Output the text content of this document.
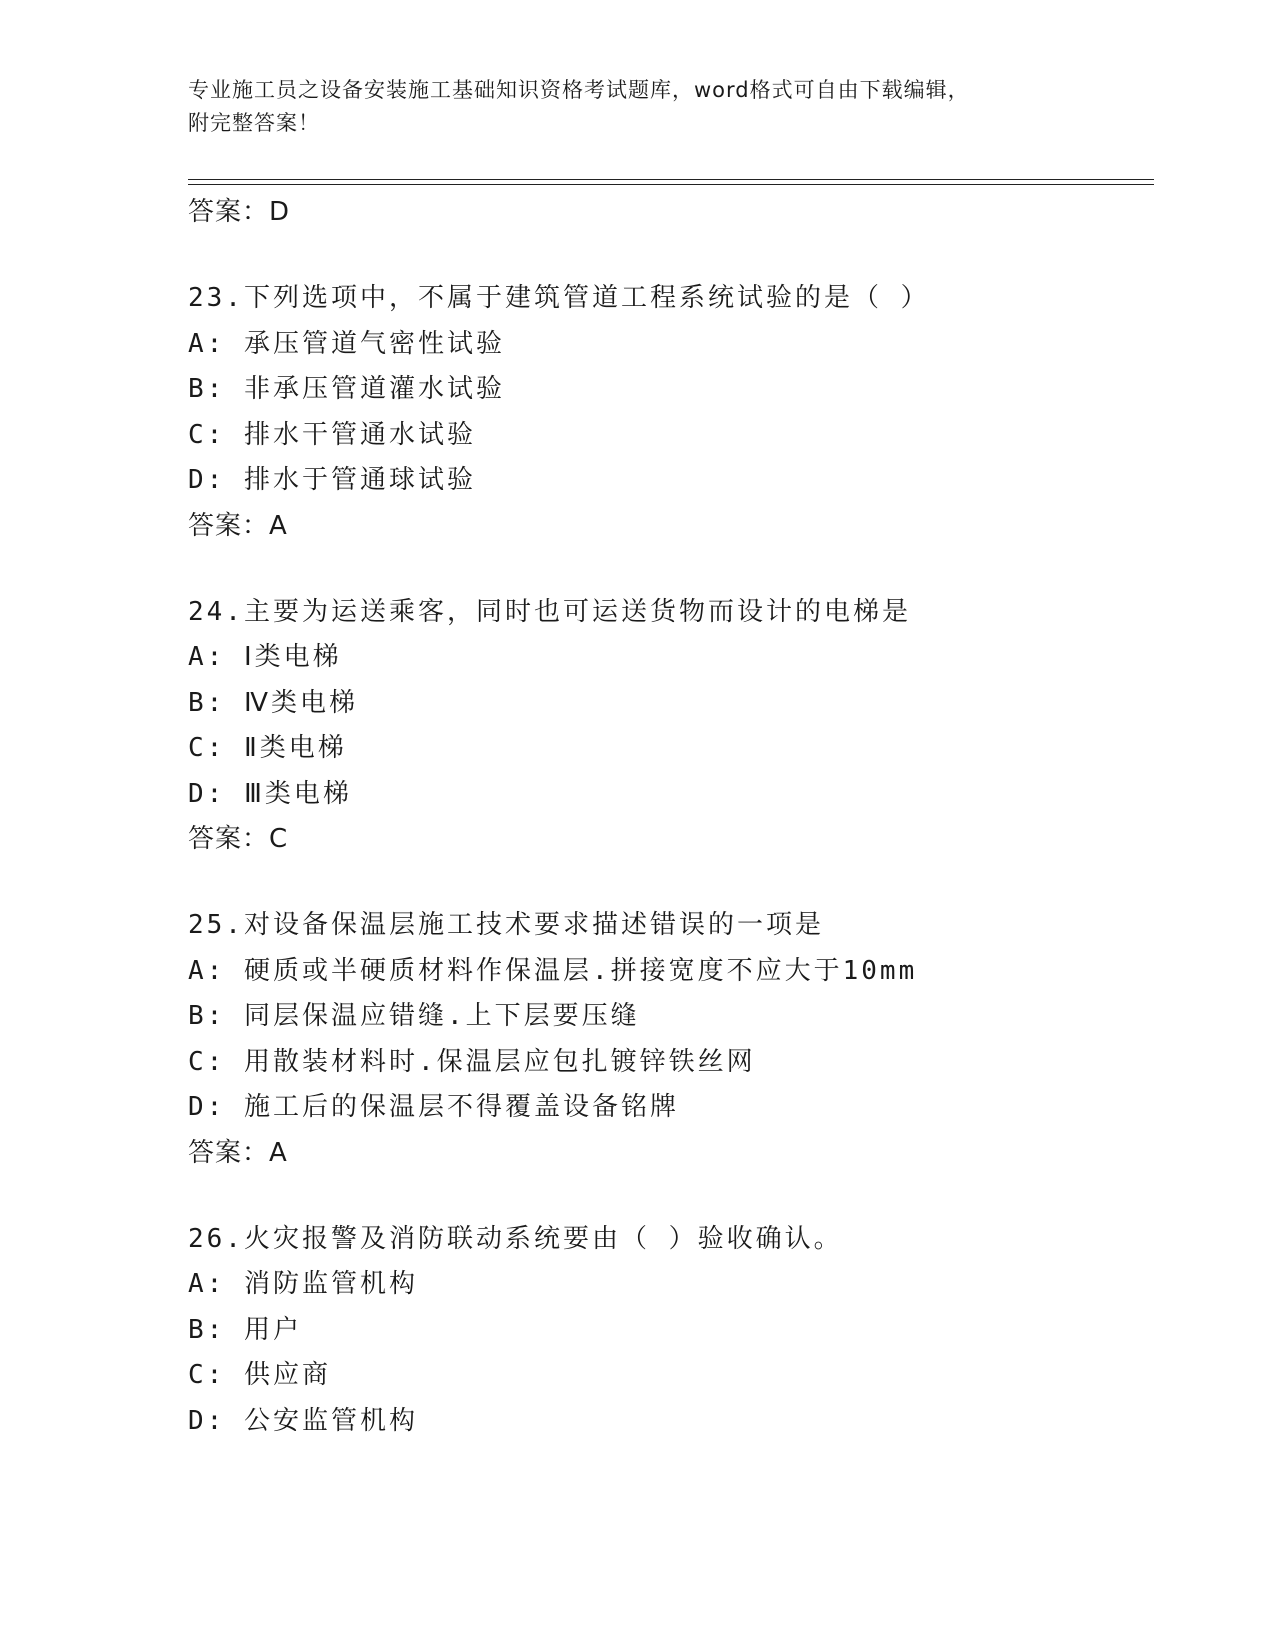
专业施工员之设备安装施工基础知识资格考试题库，word格式可自由下载编辑，
附完整答案！
答案：D
23.下列选项中，不属于建筑管道工程系统试验的是（ ）
A: 承压管道气密性试验
B: 非承压管道灌水试验
C: 排水干管通水试验
D: 排水于管通球试验
答案：A
24.主要为运送乘客，同时也可运送货物而设计的电梯是
A: Ⅰ类电梯
B: Ⅳ类电梯
C: Ⅱ类电梯
D: Ⅲ类电梯
答案：C
25.对设备保温层施工技术要求描述错误的一项是
A: 硬质或半硬质材料作保温层.拼接宽度不应大于10mm
B: 同层保温应错缝.上下层要压缝
C: 用散装材料时.保温层应包扎镀锌铁丝网
D: 施工后的保温层不得覆盖设备铭牌
答案：A
26.火灾报警及消防联动系统要由（ ）验收确认。
A: 消防监管机构
B: 用户
C: 供应商
D: 公安监管机构
